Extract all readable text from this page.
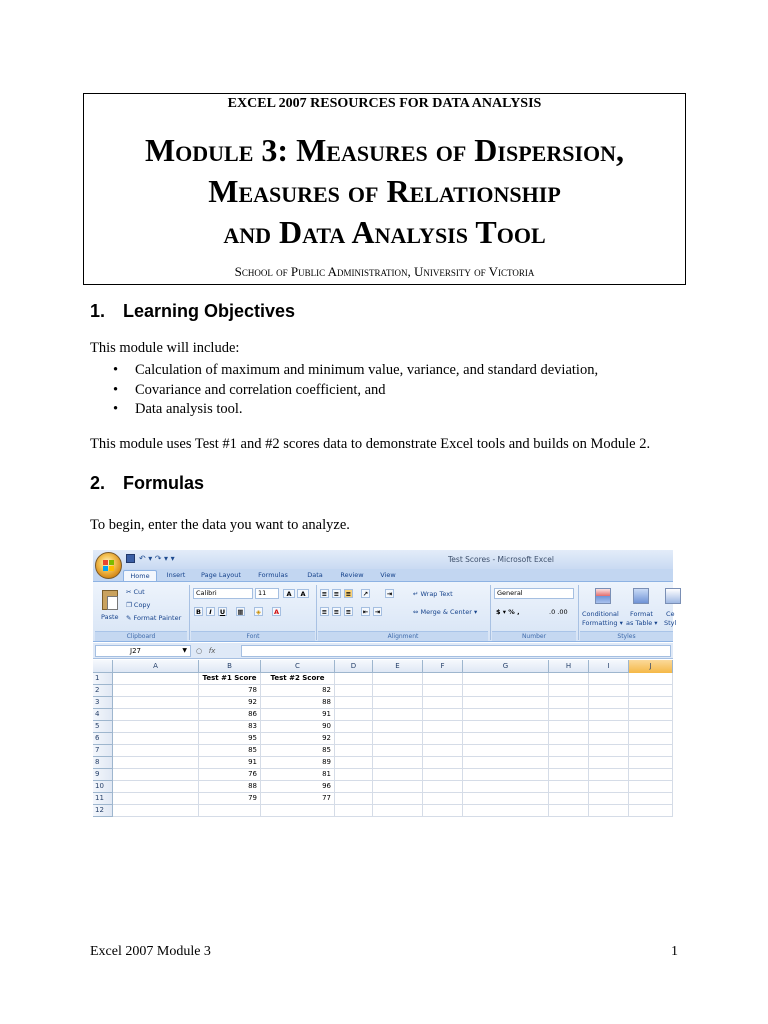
EXCEL 2007 RESOURCES FOR DATA ANALYSIS
Module 3: Measures of Dispersion,
Measures of Relationship
and Data Analysis Tool
School of Public Administration, University of Victoria
1. Learning Objectives
This module will include:
• Calculation of maximum and minimum value, variance, and standard deviation,
• Covariance and correlation coefficient, and
• Data analysis tool.
This module uses Test #1 and #2 scores data to demonstrate Excel tools and builds on Module 2.
2. Formulas
To begin, enter the data you want to analyze.
↶ ▾ ↷ ▾ ▾	Test Scores - Microsoft Excel
Home	Insert	Page Layout	Formulas	Data	Review	View
Paste
✂ Cut
❐ Copy
✎ Format Painter
Clipboard
Calibri	11	A	A
B	I	U ▦	◈	A
Font
≡ ≡ ≡ ↗	⇥
≡ ≡ ≡ ⇤ ⇥
↵ Wrap Text
⇔ Merge & Center ▾
Alignment
General
$ ▾ % ,	.0 .00
Number
Conditional
Formatting ▾
Format
as Table ▾
Ce
Styl
Styles
J27	▼ ○   fx
A	B	C	D	E	F	G	H	I	J
1	Test #1 Score	Test #2 Score
2	78	82
3	92	88
4	86	91
5	83	90
6	95	92
7	85	85
8	91	89
9	76	81
10	88	96
11	79	77
12
Excel 2007 Module 3	1
